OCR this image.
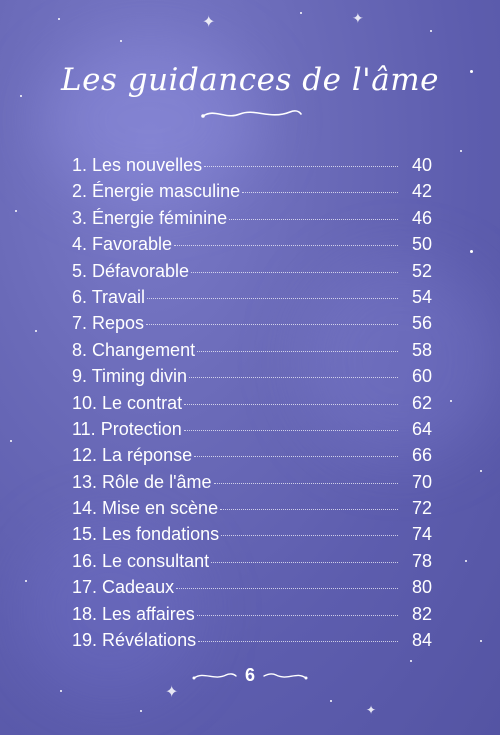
✦	✦
✦
✦
Les guidances de l'âme
1. Les nouvelles	40
2. Énergie masculine	42
3. Énergie féminine	46
4. Favorable	50
5. Défavorable	52
6. Travail	54
7. Repos	56
8. Changement	58
9. Timing divin	60
10. Le contrat	62
11. Protection	64
12. La réponse	66
13. Rôle de l'âme	70
14. Mise en scène	72
15. Les fondations	74
16. Le consultant	78
17. Cadeaux	80
18. Les affaires	82
19. Révélations	84
6
